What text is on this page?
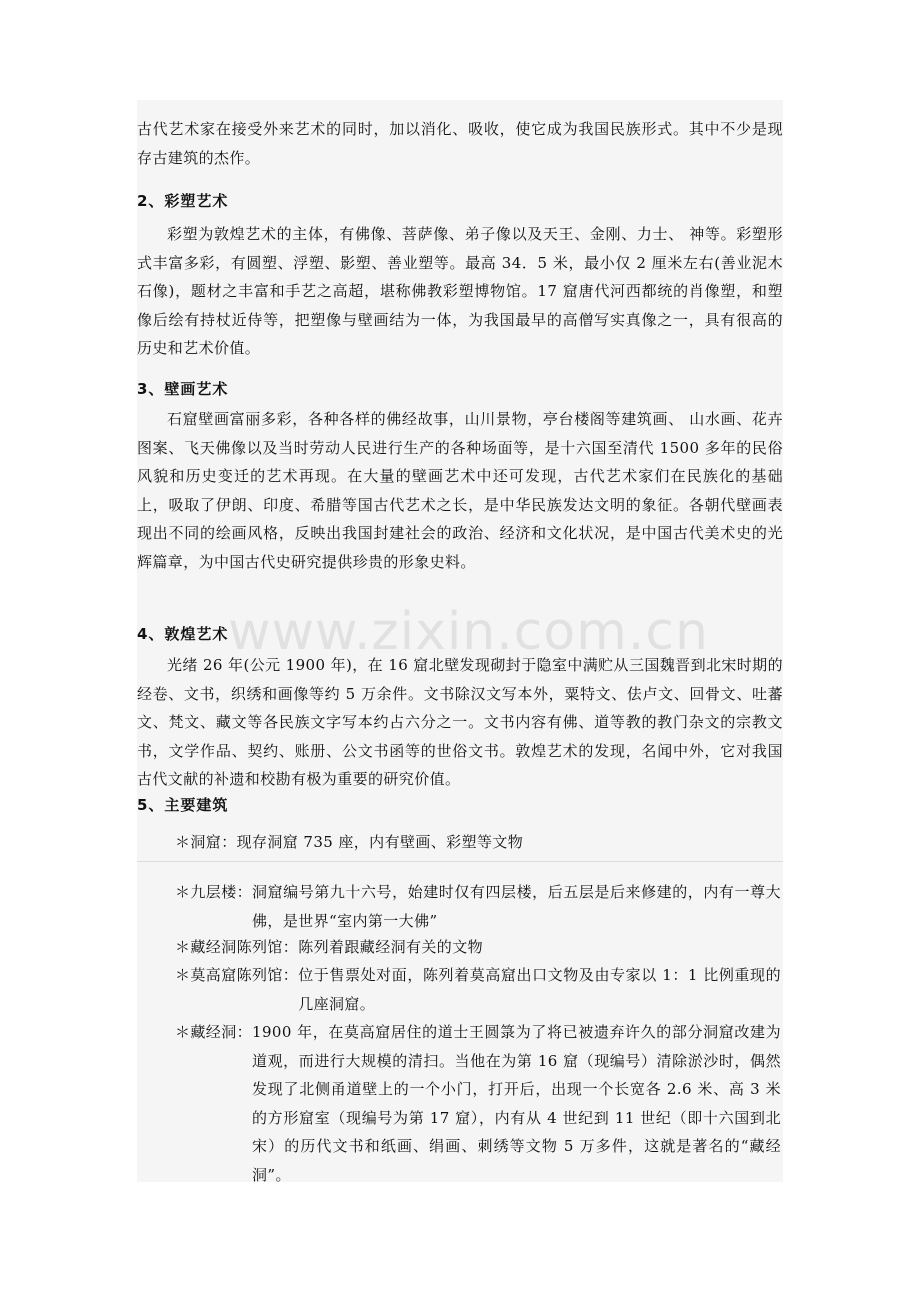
古代艺术家在接受外来艺术的同时，加以消化、吸收，使它成为我国民族形式。其中不少是现存古建筑的杰作。

2、彩塑艺术

彩塑为敦煌艺术的主体，有佛像、菩萨像、弟子像以及天王、金刚、力士、 神等。彩塑形式丰富多彩，有圆塑、浮塑、影塑、善业塑等。最高 34．5 米，最小仅 2 厘米左右(善业泥木石像)，题材之丰富和手艺之高超，堪称佛教彩塑博物馆。17 窟唐代河西都统的肖像塑，和塑像后绘有持杖近侍等，把塑像与壁画结为一体，为我国最早的高僧写实真像之一，具有很高的历史和艺术价值。

3、壁画艺术

石窟壁画富丽多彩，各种各样的佛经故事，山川景物，亭台楼阁等建筑画、 山水画、花卉图案、飞天佛像以及当时劳动人民进行生产的各种场面等，是十六国至清代 1500 多年的民俗风貌和历史变迁的艺术再现。在大量的壁画艺术中还可发现，古代艺术家们在民族化的基础上，吸取了伊朗、印度、希腊等国古代艺术之长，是中华民族发达文明的象征。各朝代壁画表现出不同的绘画风格，反映出我国封建社会的政治、经济和文化状况，是中国古代美术史的光辉篇章，为中国古代史研究提供珍贵的形象史料。

4、敦煌艺术

光绪 26 年(公元 1900 年)，在 16 窟北壁发现砌封于隐室中满贮从三国魏晋到北宋时期的经卷、文书，织绣和画像等约 5 万余件。文书除汉文写本外，粟特文、佉卢文、回骨文、吐蕃文、梵文、藏文等各民族文字写本约占六分之一。文书内容有佛、道等教的教门杂文的宗教文书，文学作品、契约、账册、公文书函等的世俗文书。敦煌艺术的发现，名闻中外，它对我国古代文献的补遗和校勘有极为重要的研究价值。

www.zixin.com.cn
5、主要建筑
＊洞窟： 现存洞窟 735 座，内有壁画、彩塑等文物
＊九层楼： 洞窟编号第九十六号，始建时仅有四层楼，后五层是后来修建的，内有一尊大佛，是世界“室内第一大佛”
＊藏经洞陈列馆： 陈列着跟藏经洞有关的文物
＊莫高窟陈列馆： 位于售票处对面，陈列着莫高窟出口文物及由专家以 1：1 比例重现的几座洞窟。
＊藏经洞： 1900 年，在莫高窟居住的道士王圆箓为了将已被遗弃许久的部分洞窟改建为道观，而进行大规模的清扫。当他在为第 16 窟（现编号）清除淤沙时，偶然发现了北侧甬道壁上的一个小门，打开后，出现一个长宽各 2.6 米、高 3 米的方形窟室（现编号为第 17 窟），内有从 4 世纪到 11 世纪（即十六国到北宋）的历代文书和纸画、绢画、刺绣等文物 5 万多件，这就是著名的“藏经洞”。
